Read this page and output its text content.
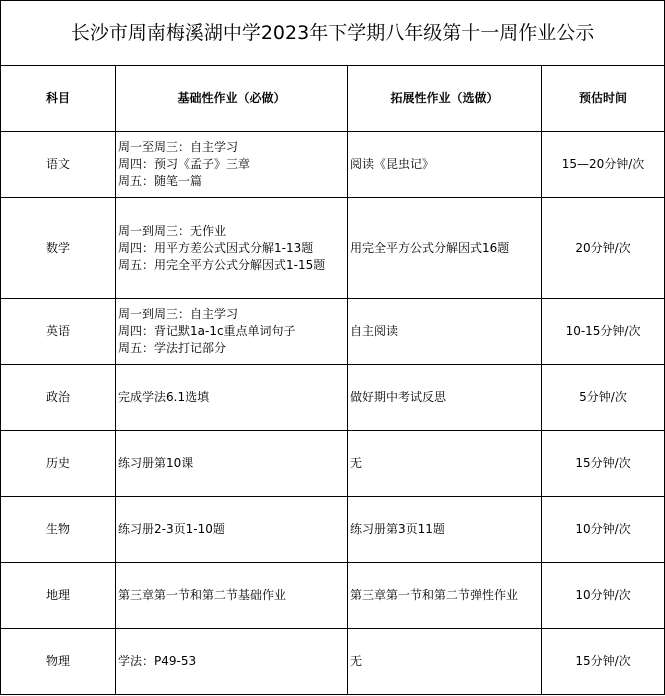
长沙市周南梅溪湖中学2023年下学期八年级第十一周作业公示			
科目	基础性作业（必做）	拓展性作业（选做）	预估时间
语文	周一至周三：自主学习
周四：预习《孟子》三章
周五：随笔一篇	阅读《昆虫记》	15—20分钟/次
数学	周一到周三：无作业
周四：用平方差公式因式分解1-13题
周五：用完全平方公式分解因式1-15题	用完全平方公式分解因式16题	20分钟/次
英语	周一到周三：自主学习
周四：背记默1a-1c重点单词句子
周五：学法打记部分	自主阅读	10-15分钟/次
政治	完成学法6.1选填	做好期中考试反思	5分钟/次
历史	练习册第10课	无	15分钟/次
生物	练习册2-3页1-10题	练习册第3页11题	10分钟/次
地理	第三章第一节和第二节基础作业	第三章第一节和第二节弹性作业	10分钟/次
物理	学法：P49-53	无	15分钟/次
